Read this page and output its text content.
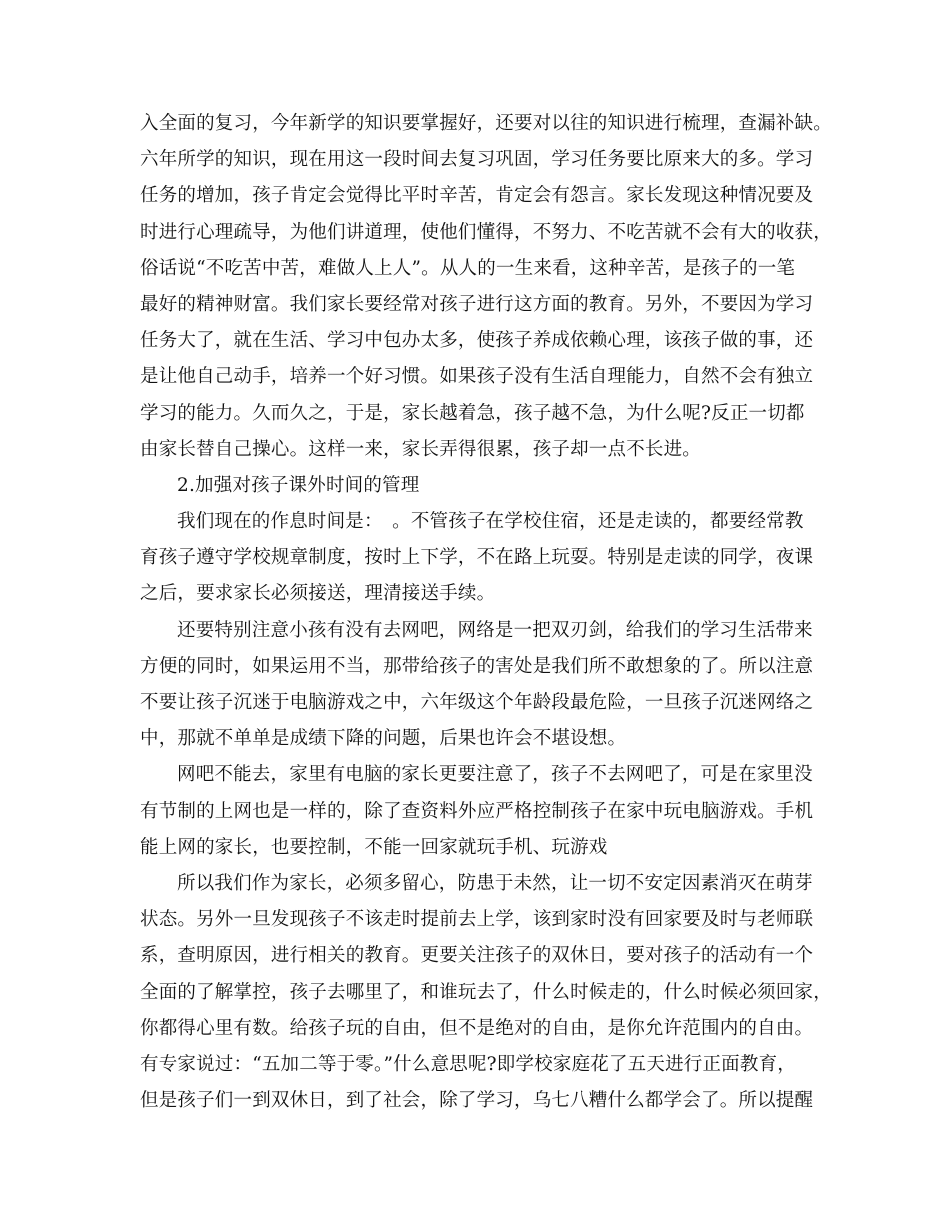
入全面的复习，今年新学的知识要掌握好，还要对以往的知识进行梳理，查漏补缺。
六年所学的知识，现在用这一段时间去复习巩固，学习任务要比原来大的多。学习
任务的增加，孩子肯定会觉得比平时辛苦，肯定会有怨言。家长发现这种情况要及
时进行心理疏导，为他们讲道理，使他们懂得，不努力、不吃苦就不会有大的收获，
俗话说“不吃苦中苦，难做人上人”。从人的一生来看，这种辛苦，是孩子的一笔
最好的精神财富。我们家长要经常对孩子进行这方面的教育。另外，不要因为学习
任务大了，就在生活、学习中包办太多，使孩子养成依赖心理，该孩子做的事，还
是让他自己动手，培养一个好习惯。如果孩子没有生活自理能力，自然不会有独立
学习的能力。久而久之，于是，家长越着急，孩子越不急，为什么呢?反正一切都
由家长替自己操心。这样一来，家长弄得很累，孩子却一点不长进。
2.加强对孩子课外时间的管理
我们现在的作息时间是：　。不管孩子在学校住宿，还是走读的，都要经常教
育孩子遵守学校规章制度，按时上下学，不在路上玩耍。特别是走读的同学，夜课
之后，要求家长必须接送，理清接送手续。
还要特别注意小孩有没有去网吧，网络是一把双刃剑，给我们的学习生活带来
方便的同时，如果运用不当，那带给孩子的害处是我们所不敢想象的了。所以注意
不要让孩子沉迷于电脑游戏之中，六年级这个年龄段最危险，一旦孩子沉迷网络之
中，那就不单单是成绩下降的问题，后果也许会不堪设想。
网吧不能去，家里有电脑的家长更要注意了，孩子不去网吧了，可是在家里没
有节制的上网也是一样的，除了查资料外应严格控制孩子在家中玩电脑游戏。手机
能上网的家长，也要控制，不能一回家就玩手机、玩游戏
所以我们作为家长，必须多留心，防患于未然，让一切不安定因素消灭在萌芽
状态。另外一旦发现孩子不该走时提前去上学，该到家时没有回家要及时与老师联
系，查明原因，进行相关的教育。更要关注孩子的双休日，要对孩子的活动有一个
全面的了解掌控，孩子去哪里了，和谁玩去了，什么时候走的，什么时候必须回家，
你都得心里有数。给孩子玩的自由，但不是绝对的自由，是你允许范围内的自由。
有专家说过：“五加二等于零。”什么意思呢?即学校家庭花了五天进行正面教育，
但是孩子们一到双休日，到了社会，除了学习，乌七八糟什么都学会了。所以提醒
